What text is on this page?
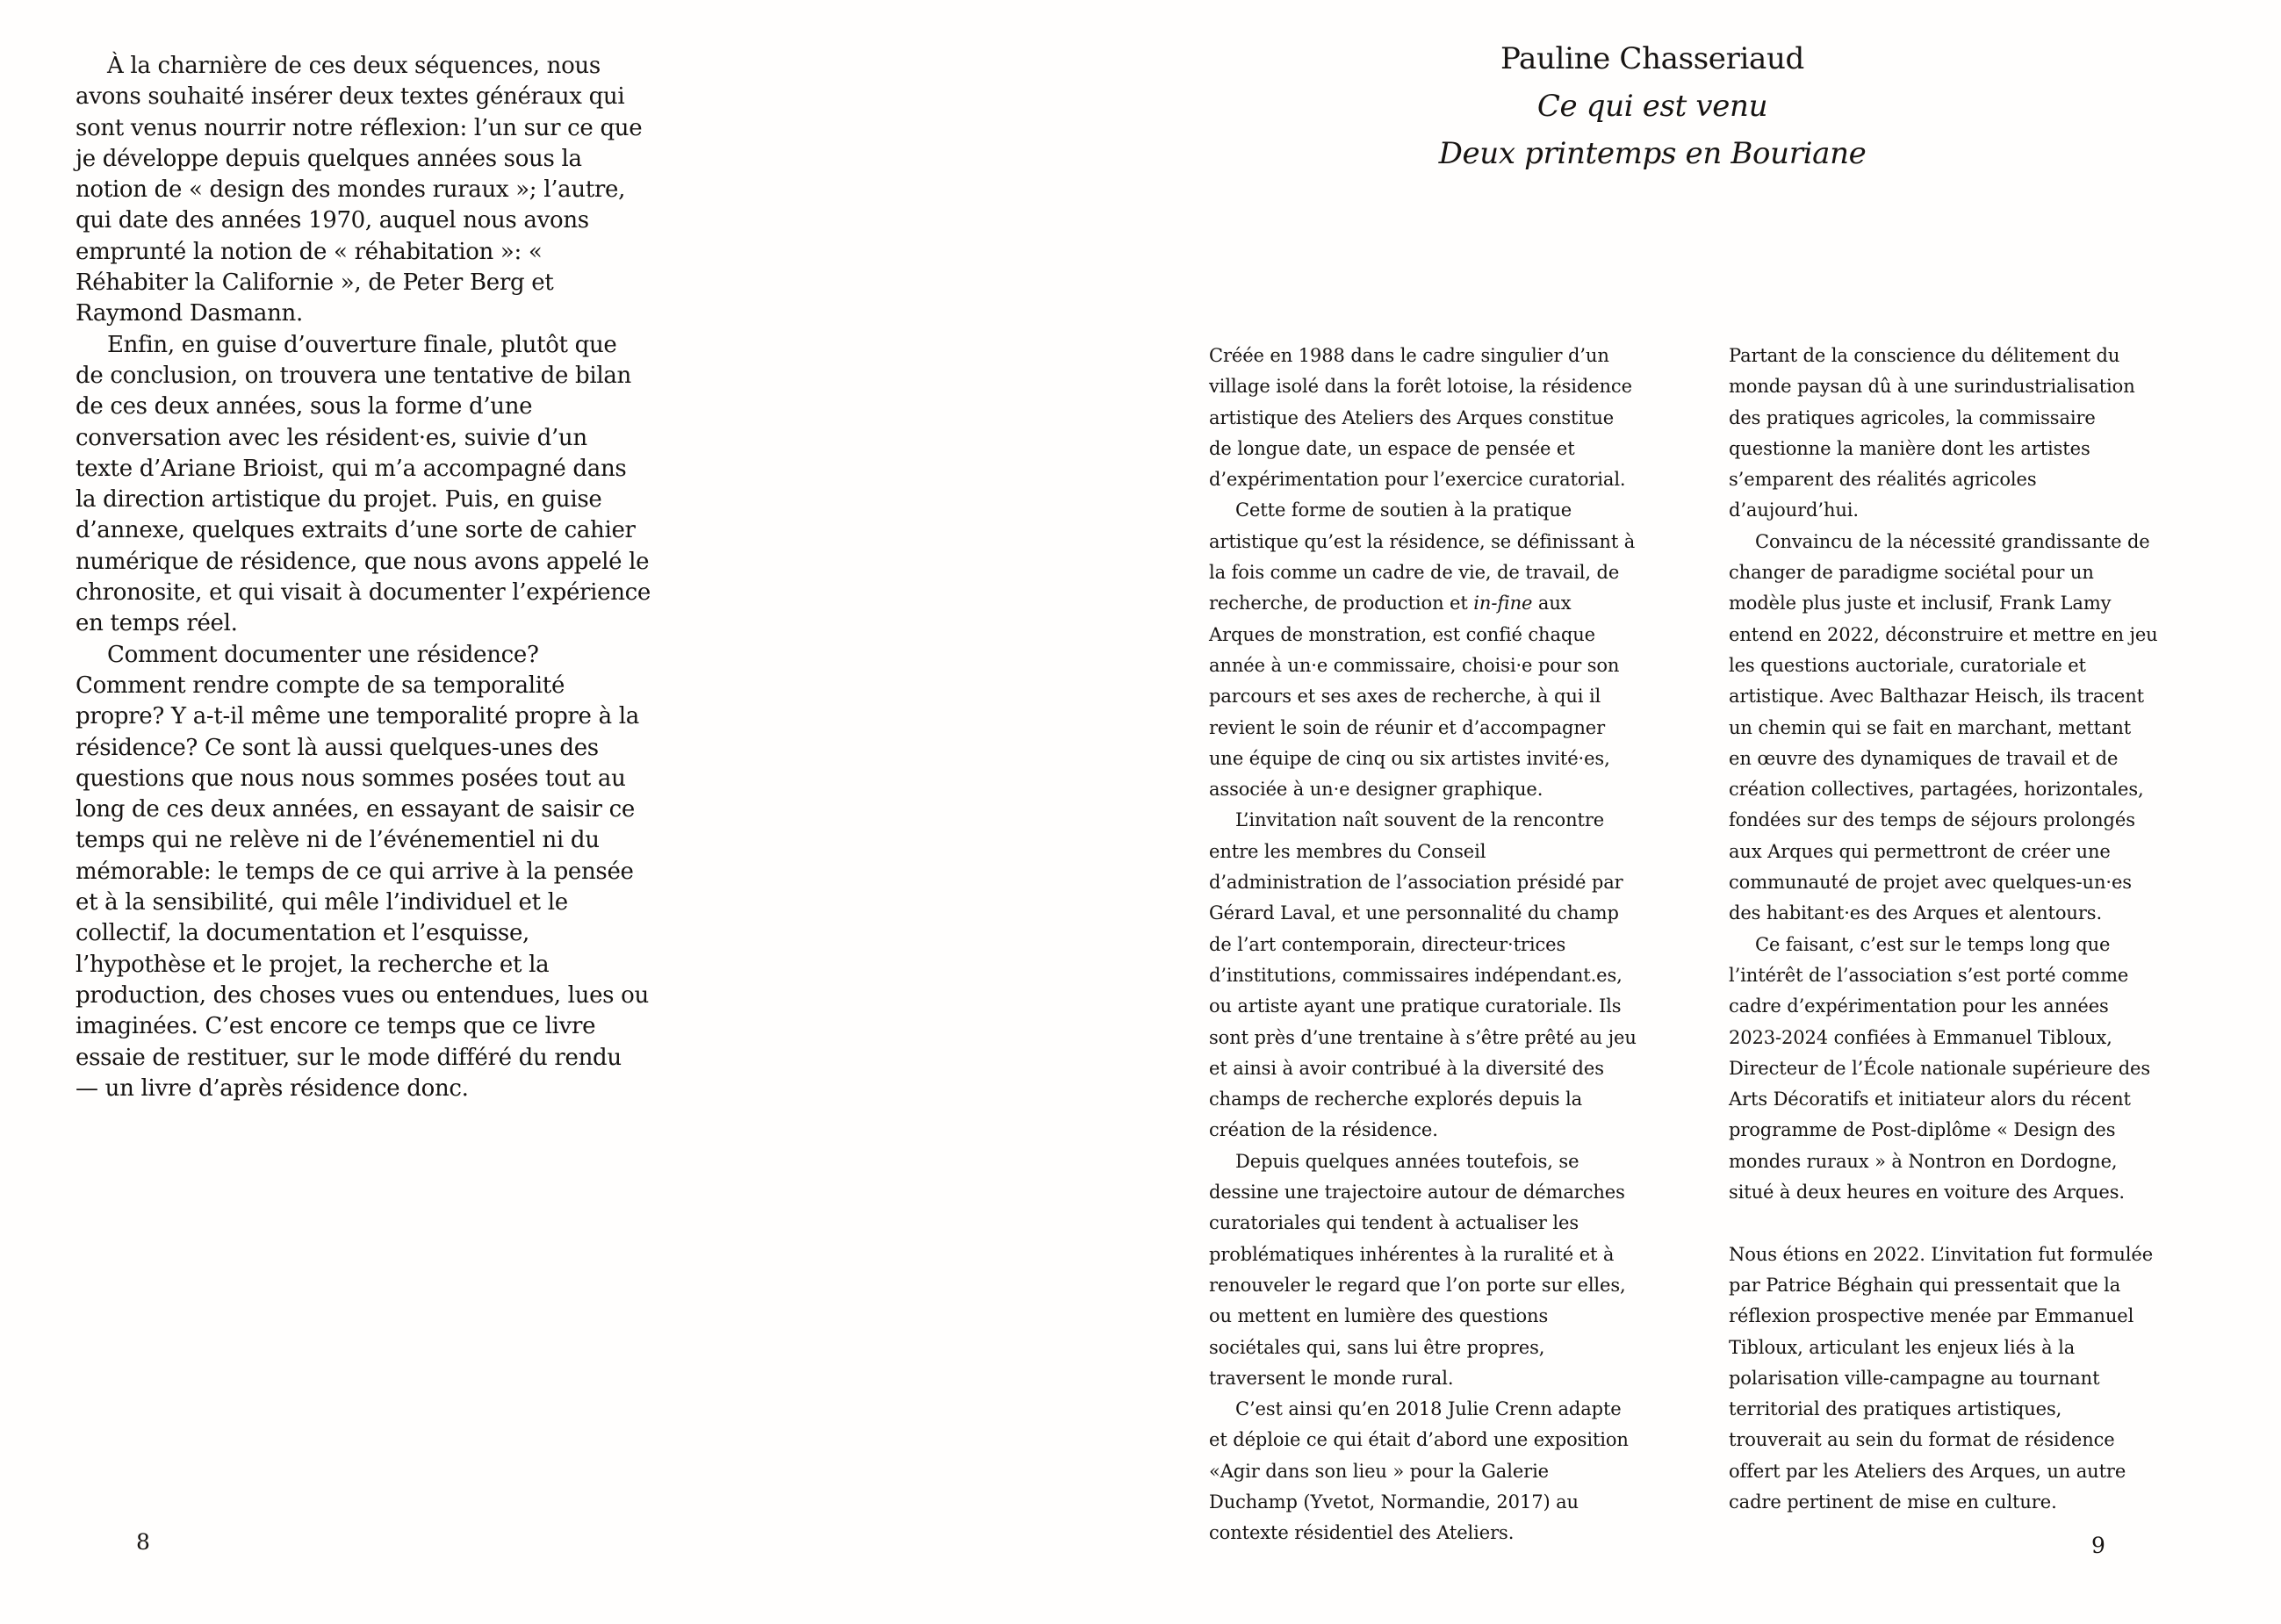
À la charnière de ces deux séquences, nous avons souhaité insérer deux textes généraux qui sont venus nourrir notre réflexion: l’un sur ce que je développe depuis quelques années sous la notion de « design des mondes ruraux »; l’autre, qui date des années 1970, auquel nous avons emprunté la notion de « réhabitation »: « Réhabiter la Californie », de Peter Berg et Raymond Dasmann.

Enfin, en guise d’ouverture finale, plutôt que de conclusion, on trouvera une tentative de bilan de ces deux années, sous la forme d’une conversation avec les résident·es, suivie d’un texte d’Ariane Brioist, qui m’a accompagné dans la direction artistique du projet. Puis, en guise d’annexe, quelques extraits d’une sorte de cahier numérique de résidence, que nous avons appelé le chronosite, et qui visait à documenter l’expérience en temps réel.

Comment documenter une résidence? Comment rendre compte de sa temporalité propre? Y a-t-il même une temporalité propre à la résidence? Ce sont là aussi quelques-unes des questions que nous nous sommes posées tout au long de ces deux années, en essayant de saisir ce temps qui ne relève ni de l’événementiel ni du mémorable: le temps de ce qui arrive à la pensée et à la sensibilité, qui mêle l’individuel et le collectif, la documentation et l’esquisse, l’hypothèse et le projet, la recherche et la production, des choses vues ou entendues, lues ou imaginées. C’est encore ce temps que ce livre essaie de restituer, sur le mode différé du rendu — un livre d’après résidence donc.

8
Pauline Chasseriaud
Ce qui est venu
Deux printemps en Bouriane

Créée en 1988 dans le cadre singulier d’un village isolé dans la forêt lotoise, la résidence artistique des Ateliers des Arques constitue de longue date, un espace de pensée et d’expérimentation pour l’exercice curatorial.

Cette forme de soutien à la pratique artistique qu’est la résidence, se définissant à la fois comme un cadre de vie, de travail, de recherche, de production et in-fine aux Arques de monstration, est confié chaque année à un·e commissaire, choisi·e pour son parcours et ses axes de recherche, à qui il revient le soin de réunir et d’accompagner une équipe de cinq ou six artistes invité·es, associée à un·e designer graphique.

L’invitation naît souvent de la rencontre entre les membres du Conseil d’administration de l’association présidé par Gérard Laval, et une personnalité du champ de l’art contemporain, directeur·trices d’institutions, commissaires indépendant.es, ou artiste ayant une pratique curatoriale. Ils sont près d’une trentaine à s’être prêté au jeu et ainsi à avoir contribué à la diversité des champs de recherche explorés depuis la création de la résidence.

Depuis quelques années toutefois, se dessine une trajectoire autour de démarches curatoriales qui tendent à actualiser les problématiques inhérentes à la ruralité et à renouveler le regard que l’on porte sur elles, ou mettent en lumière des questions sociétales qui, sans lui être propres, traversent le monde rural.

C’est ainsi qu’en 2018 Julie Crenn adapte et déploie ce qui était d’abord une exposition «Agir dans son lieu » pour la Galerie Duchamp (Yvetot, Normandie, 2017) au contexte résidentiel des Ateliers.

Partant de la conscience du délitement du monde paysan dû à une surindustrialisation des pratiques agricoles, la commissaire questionne la manière dont les artistes s’emparent des réalités agricoles d’aujourd’hui.

Convaincu de la nécessité grandissante de changer de paradigme sociétal pour un modèle plus juste et inclusif, Frank Lamy entend en 2022, déconstruire et mettre en jeu les questions auctoriale, curatoriale et artistique. Avec Balthazar Heisch, ils tracent un chemin qui se fait en marchant, mettant en œuvre des dynamiques de travail et de création collectives, partagées, horizontales, fondées sur des temps de séjours prolongés aux Arques qui permettront de créer une communauté de projet avec quelques-un·es des habitant·es des Arques et alentours.

Ce faisant, c’est sur le temps long que l’intérêt de l’association s’est porté comme cadre d’expérimentation pour les années 2023-2024 confiées à Emmanuel Tibloux, Directeur de l’École nationale supérieure des Arts Décoratifs et initiateur alors du récent programme de Post-diplôme « Design des mondes ruraux » à Nontron en Dordogne, situé à deux heures en voiture des Arques.

Nous étions en 2022. L’invitation fut formulée par Patrice Béghain qui pressentait que la réflexion prospective menée par Emmanuel Tibloux, articulant les enjeux liés à la polarisation ville-campagne au tournant territorial des pratiques artistiques, trouverait au sein du format de résidence offert par les Ateliers des Arques, un autre cadre pertinent de mise en culture.

9
